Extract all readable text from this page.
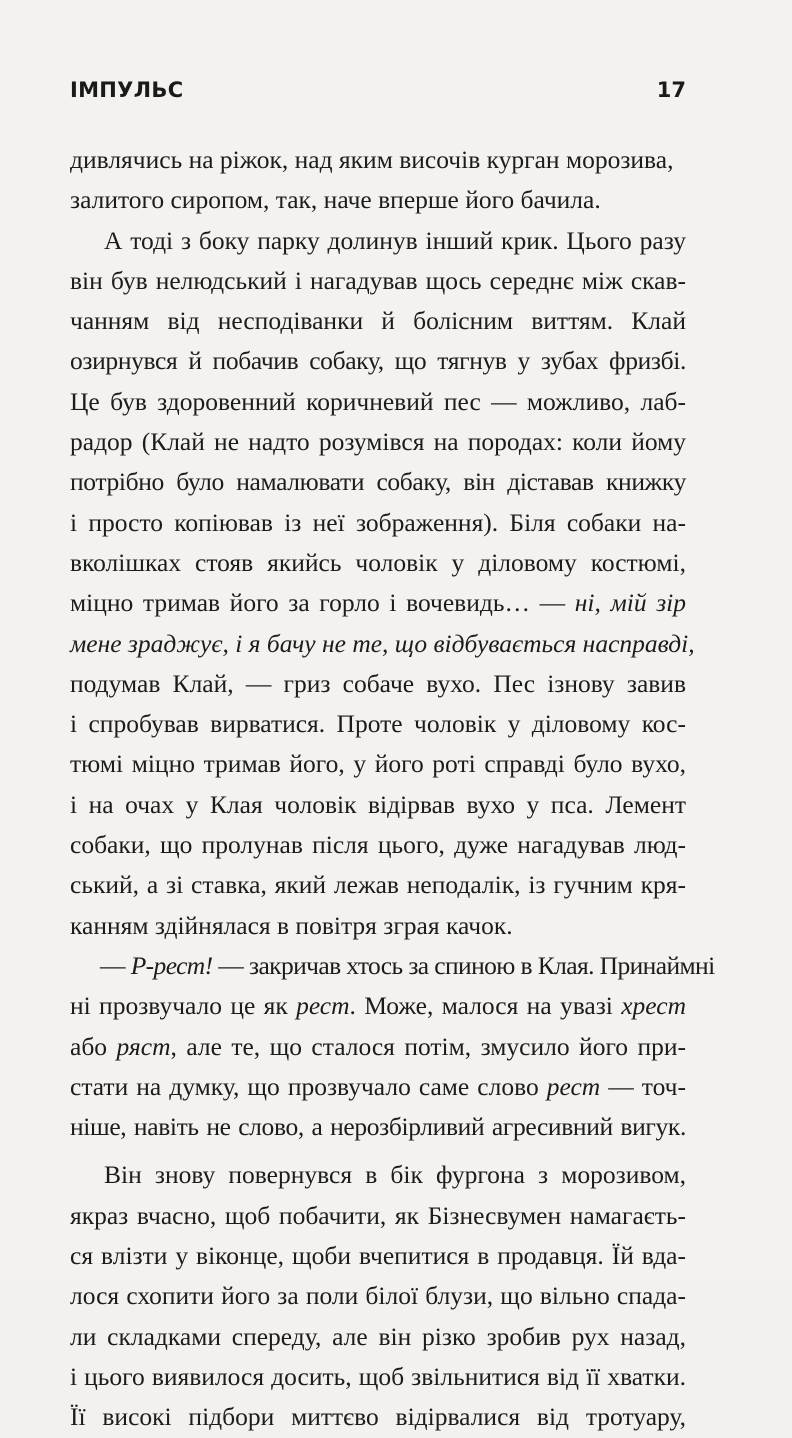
ІМПУЛЬС	17
дивлячись на ріжок, над яким височів курган морозива,
залитого сиропом, так, наче вперше його бачила.
А тоді з боку парку долинув інший крик. Цього разу
він був нелюдський і нагадував щось середнє між скав-
чанням від несподіванки й болісним виттям. Клай
озирнувся й побачив собаку, що тягнув у зубах фризбі.
Це був здоровенний коричневий пес — можливо, лаб-
радор (Клай не надто розумівся на породах: коли йому
потрібно було намалювати собаку, він діставав книжку
і просто копіював із неї зображення). Біля собаки на-
вколішках стояв якийсь чоловік у діловому костюмі,
міцно тримав його за горло і вочевидь… — ні, мій зір
мене зраджує, і я бачу не те, що відбувається насправді,
подумав Клай, — гриз собаче вухо. Пес ізнову завив
і спробував вирватися. Проте чоловік у діловому кос-
тюмі міцно тримав його, у його роті справді було вухо,
і на очах у Клая чоловік відірвав вухо у пса. Лемент
собаки, що пролунав після цього, дуже нагадував люд-
ський, а зі ставка, який лежав неподалік, із гучним кря-
канням здійнялася в повітря зграя качок.
— Р-рест! — закричав хтось за спиною в Клая. Принаймні
ні прозвучало це як рест. Може, малося на увазі хрест
або ряст, але те, що сталося потім, змусило його при-
стати на думку, що прозвучало саме слово рест — точ-
ніше, навіть не слово, а нерозбірливий агресивний вигук.
Він знову повернувся в бік фургона з морозивом,
якраз вчасно, щоб побачити, як Бізнесвумен намагаєть-
ся влізти у віконце, щоби вчепитися в продавця. Їй вда-
лося схопити його за поли білої блузи, що вільно спада-
ли складками спереду, але він різко зробив рух назад,
і цього виявилося досить, щоб звільнитися від її хватки.
Її високі підбори миттєво відірвалися від тротуару,
